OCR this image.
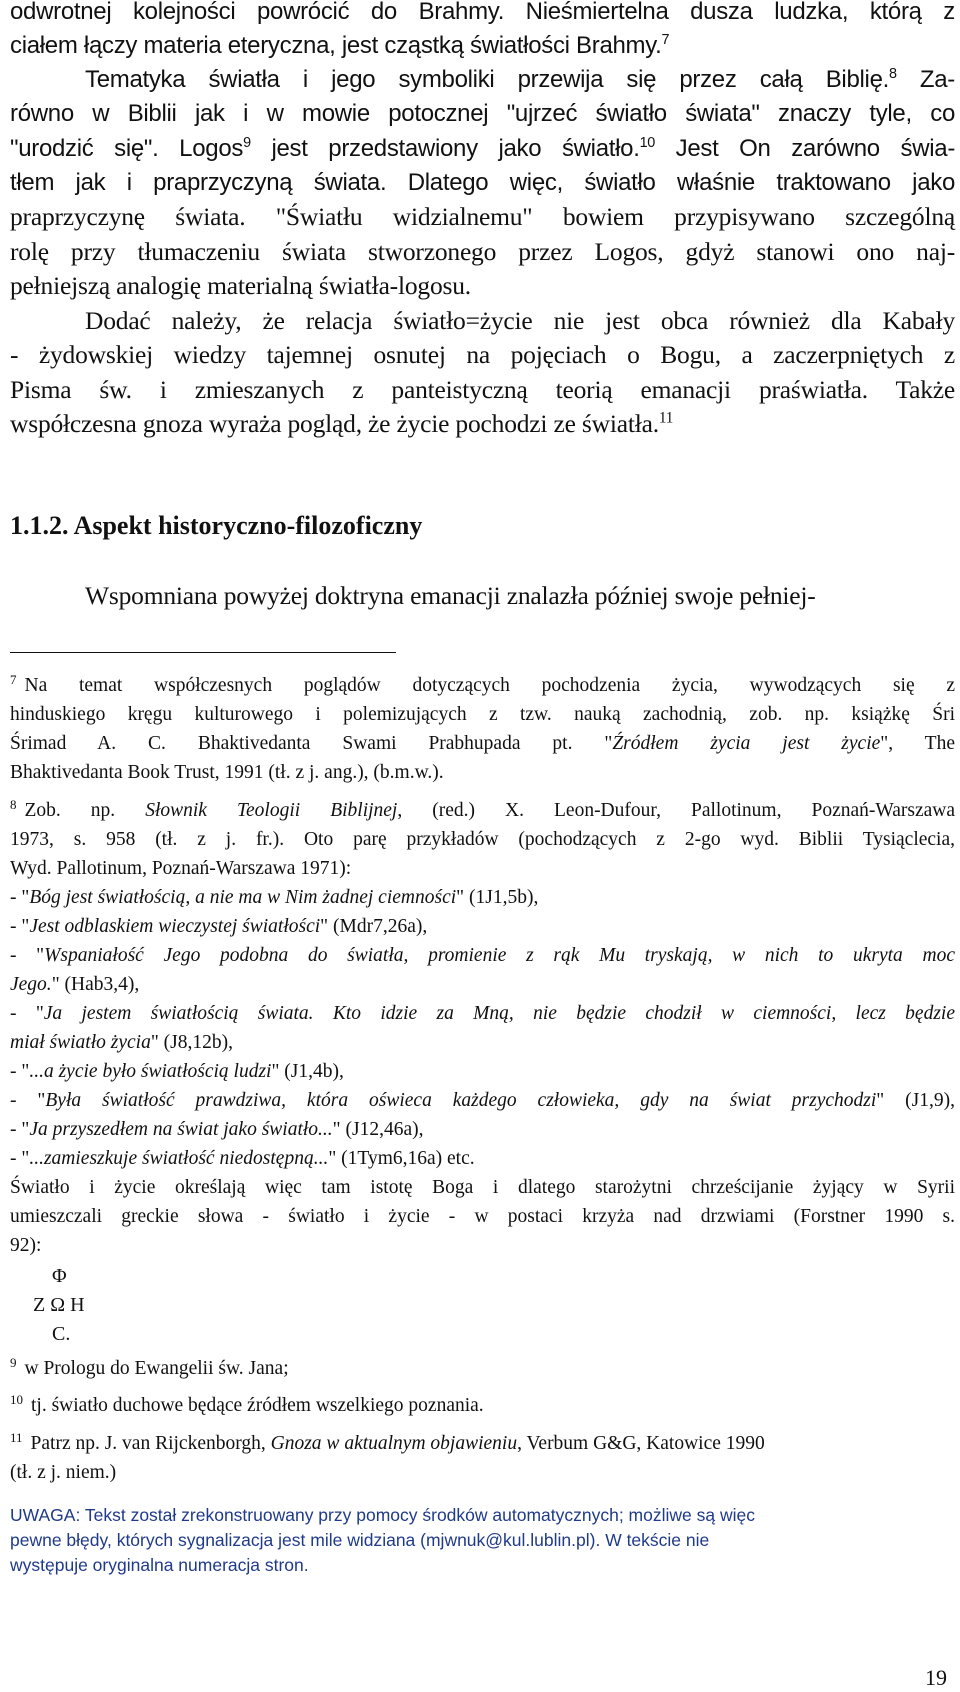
odwrotnej kolejności powrócić do Brahmy. Nieśmiertelna dusza ludzka, którą z
ciałem łączy materia eteryczna, jest cząstką światłości Brahmy.$^7$
Tematyka światła i jego symboliki przewija się przez całą Biblię.$^8$ Za-
równo w Biblii jak i w mowie potocznej "ujrzeć światło świata" znaczy tyle, co
"urodzić się". Logos$^9$ jest przedstawiony jako światło.$^{10}$ Jest On zarówno świa-
tłem jak i praprzyczyną świata. Dlatego więc, światło właśnie traktowano jako
praprzyczynę świata. "Światłu widzialnemu" bowiem przypisywano szczególną
rolę przy tłumaczeniu świata stworzonego przez Logos, gdyż stanowi ono naj-
pełniejszą analogię materialną światła-logosu.
Dodać należy, że relacja światło=życie nie jest obca również dla Kabały
- żydowskiej wiedzy tajemnej osnutej na pojęciach o Bogu, a zaczerpniętych z
Pisma św. i zmieszanych z panteistyczną teorią emanacji praświatła. Także
współczesna gnoza wyraża pogląd, że życie pochodzi ze światła.$^{11}$
1.1.2. Aspekt historyczno-filozoficzny
Wspomniana powyżej doktryna emanacji znalazła później swoje pełniej-
$^7$ Na temat współczesnych poglądów dotyczących pochodzenia życia, wywodzących się z
hinduskiego kręgu kulturowego i polemizujących z tzw. nauką zachodnią, zob. np. książkę Śri
Śrimad A. C. Bhaktivedanta Swami Prabhupada pt. "Źródłem życia jest życie", The
Bhaktivedanta Book Trust, 1991 (tł. z j. ang.), (b.m.w.).
$^8$ Zob. np. Słownik Teologii Biblijnej, (red.) X. Leon-Dufour, Pallotinum, Poznań-Warszawa
1973, s. 958 (tł. z j. fr.). Oto parę przykładów (pochodzących z 2-go wyd. Biblii Tysiąclecia,
Wyd. Pallotinum, Poznań-Warszawa 1971):
- "Bóg jest światłością, a nie ma w Nim żadnej ciemności" (1J1,5b),
- "Jest odblaskiem wieczystej światłości" (Mdr7,26a),
- "Wspaniałość Jego podobna do światła, promienie z rąk Mu tryskają, w nich to ukryta moc
Jego." (Hab3,4),
- "Ja jestem światłością świata. Kto idzie za Mną, nie będzie chodził w ciemności, lecz będzie
miał światło życia" (J8,12b),
- "...a życie było światłością ludzi" (J1,4b),
- "Była światłość prawdziwa, która oświeca każdego człowieka, gdy na świat przychodzi" (J1,9),
- "Ja przyszedłem na świat jako światło..." (J12,46a),
- "...zamieszkuje światłość niedostępną..." (1Tym6,16a) etc.
Światło i życie określają więc tam istotę Boga i dlatego starożytni chrześcijanie żyjący w Syrii
umieszczali greckie słowa - światło i życie - w postaci krzyża nad drzwiami (Forstner 1990 s.
92):
Φ
Z Ω H
C.
$^9$ w Prologu do Ewangelii św. Jana;
$^{10}$ tj. światło duchowe będące źródłem wszelkiego poznania.
$^{11}$ Patrz np. J. van Rijckenborgh, Gnoza w aktualnym objawieniu, Verbum G&G, Katowice 1990
(tł. z j. niem.)
UWAGA: Tekst został zrekonstruowany przy pomocy środków automatycznych; możliwe są więc
pewne błędy, których sygnalizacja jest mile widziana (mjwnuk@kul.lublin.pl). W tekście nie
występuje oryginalna numeracja stron.
19
